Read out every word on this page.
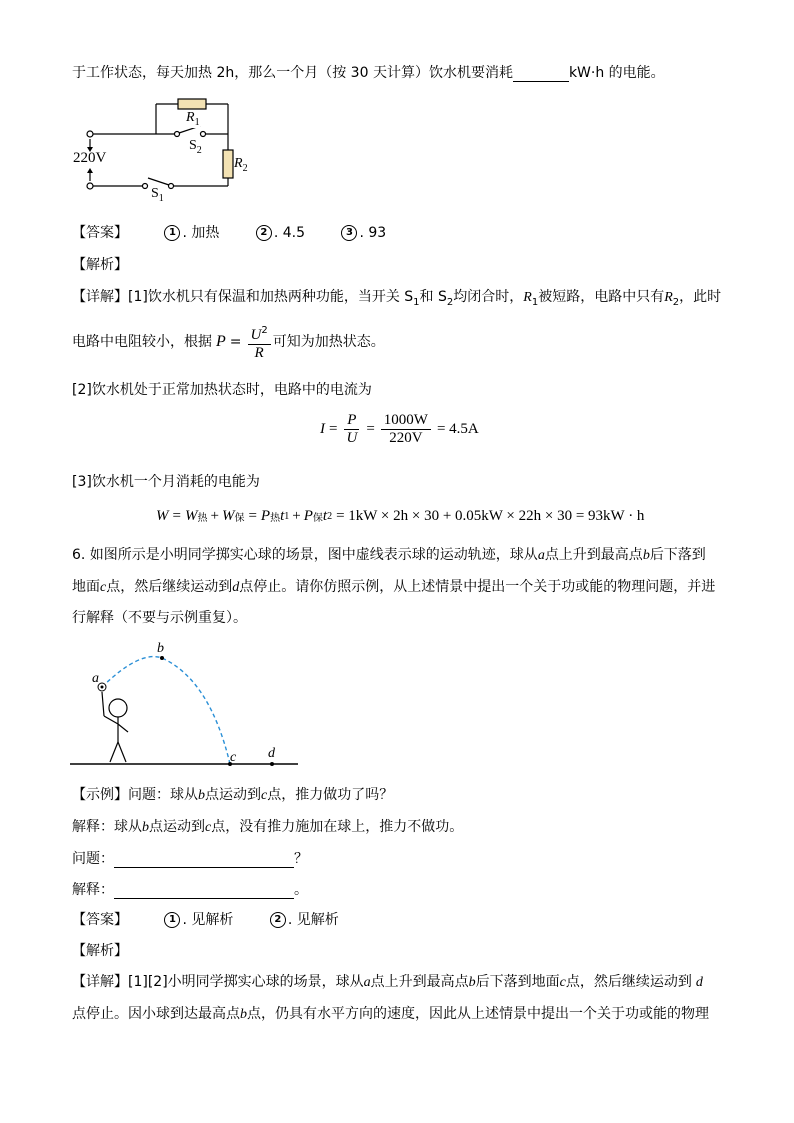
于工作状态，每天加热 2h，那么一个月（按 30 天计算）饮水机要消耗	kW·h 的电能。
$R_1$
$S_2$
$R_2$
$S_1$
220V
【答案】	1 . 加热	2 . 4.5	3 . 93
【解析】
【详解】[1]饮水机只有保温和加热两种功能，当开关 $S_1$和 $S_2$均闭合时，$R_1$被短路，电路中只有$R_2$，此时
电路中电阻较小，根据 $P = \frac{U^2}{R}$ 可知为加热状态。
[2]饮水机处于正常加热状态时，电路中的电流为
$I = \frac{P}{U} = \frac{1000W}{220V} = 4.5A$
[3]饮水机一个月消耗的电能为
W = W 热 + W 保 = P 热 t 1 + P 保 t 2 = 1kW × 2h × 30 + 0.05kW × 22h × 30 = 93kW · h
6. 如图所示是小明同学掷实心球的场景，图中虚线表示球的运动轨迹，球从a点上升到最高点b后下落到
地面c点，然后继续运动到d点停止。请你仿照示例，从上述情景中提出一个关于功或能的物理问题，并进
行解释（不要与示例重复）。
a
b
c d
【示例】问题：球从b点运动到c点，推力做功了吗？
解释：球从b点运动到c点，没有推力施加在球上，推力不做功。
问题：	？
解释：	。
【答案】	1 . 见解析	2 . 见解析
【解析】
【详解】[1][2]小明同学掷实心球的场景，球从a点上升到最高点b后下落到地面c点，然后继续运动到 d
点停止。因小球到达最高点b点，仍具有水平方向的速度，因此从上述情景中提出一个关于功或能的物理
